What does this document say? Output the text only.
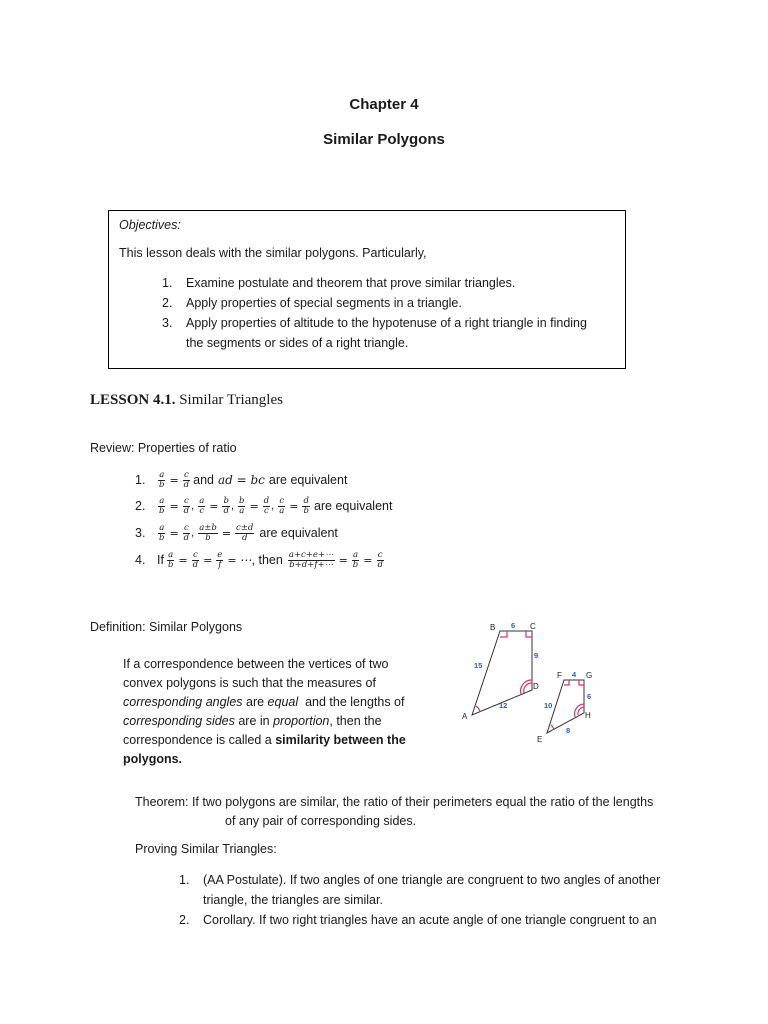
Chapter 4
Similar Polygons
Objectives:
This lesson deals with the similar polygons. Particularly,
1. Examine postulate and theorem that prove similar triangles.
2. Apply properties of special segments in a triangle.
3. Apply properties of altitude to the hypotenuse of a right triangle in finding
the segments or sides of a right triangle.
LESSON 4.1. Similar Triangles
Review: Properties of ratio
1.	$\frac{a}{b} = \frac{c}{d}$ and ad = bc are equivalent
2.	$\frac{a}{b} = \frac{c}{d}$ , $\frac{a}{c} = \frac{b}{d}$ , $\frac{b}{a} = \frac{d}{c}$ , $\frac{c}{a} = \frac{d}{b}$ are equivalent
3.	$\frac{a}{b} = \frac{c}{d}$ , $\frac{a\pm b}{b} = \frac{c\pm d}{d}$ are equivalent
4. If $\frac{a}{b} = \frac{c}{d} = \frac{e}{f}$ = ⋯ , then $\frac{a+c+e+\cdots}{b+d+f+\cdots} = \frac{a}{b} = \frac{c}{d}$
Definition: Similar Polygons
If a correspondence between the vertices of two
convex polygons is such that the measures of
corresponding angles are equal  and the lengths of
corresponding sides are in proportion, then the
correspondence is called a similarity between the
polygons.
B	C
D
A
F	G
H
E
6
9
15
12
4
6
10
8
Theorem: If two polygons are similar, the ratio of their perimeters equal the ratio of the lengths
of any pair of corresponding sides.
Proving Similar Triangles:
1. (AA Postulate). If two angles of one triangle are congruent to two angles of another
triangle, the triangles are similar.
2. Corollary. If two right triangles have an acute angle of one triangle congruent to an
